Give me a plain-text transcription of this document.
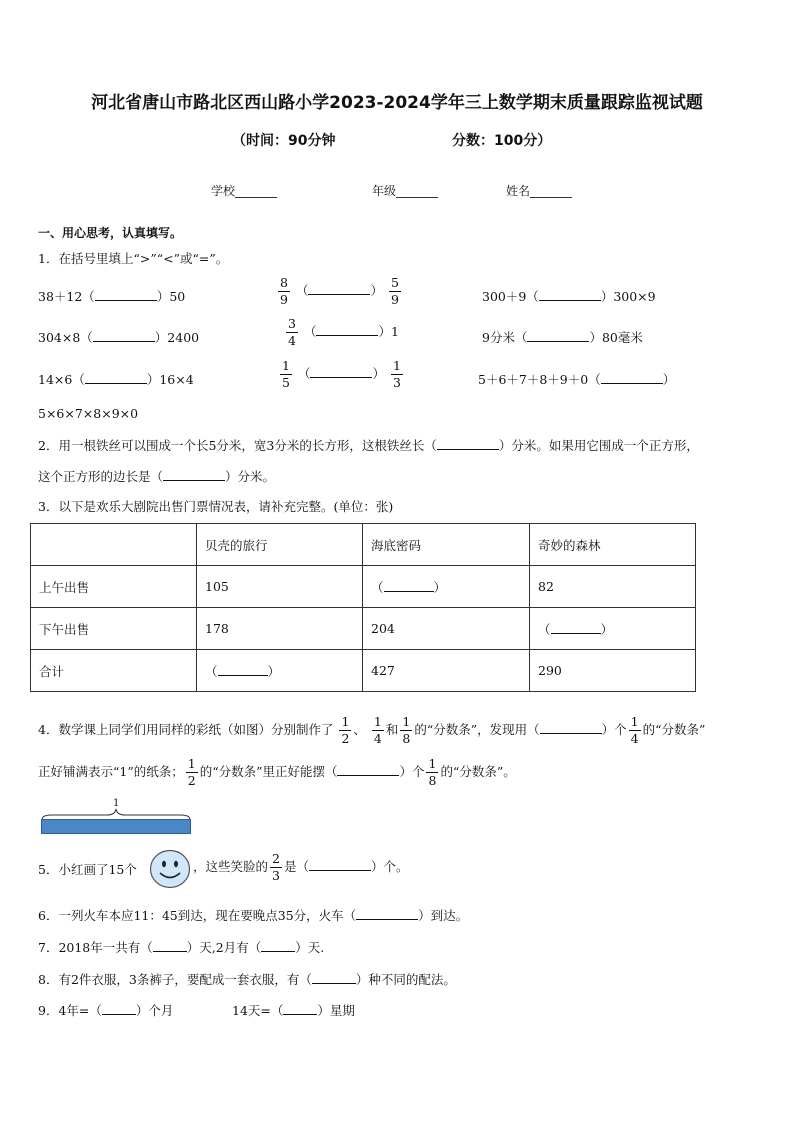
河北省唐山市路北区西山路小学2023-2024学年三上数学期末质量跟踪监视试题
（时间：90分钟	分数：100分）
学校_______	年级_______	姓名_______
一、用心思考，认真填写。
1．在括号里填上“>”“<”或“=”。
38＋12（	）50	$\frac{8}{9}$ （	） $\frac{5}{9}$	300＋9（	）300×9
304×8（	）2400	$\frac{3}{4}$ （	）1	9分米（	）80毫米
14×6（	）16×4	$\frac{1}{5}$ （	） $\frac{1}{3}$	5＋6＋7＋8＋9＋0（	）
5×6×7×8×9×0
2．用一根铁丝可以围成一个长5分米，宽3分米的长方形，这根铁丝长（	）分米。如果用它围成一个正方形，
这个正方形的边长是（	）分米。
3．以下是欢乐大剧院出售门票情况表，请补充完整。(单位：张)
	贝壳的旅行	海底密码	奇妙的森林
上午出售	105	（ ）	82
下午出售	178	204	（ ）
合计	（ ）	427	290
4．数学课上同学们用同样的彩纸（如图）分别制作了 $\frac{1}{2}$ 、 $\frac{1}{4}$ 和 $\frac{1}{8}$ 的“分数条”，发现用（	）个 $\frac{1}{4}$ 的“分数条”
正好铺满表示“1”的纸条； $\frac{1}{2}$ 的“分数条”里正好能摆（	）个 $\frac{1}{8}$ 的“分数条”。
1
5．小红画了15个	，这些笑脸的 $\frac{2}{3}$ 是（	）个。
6．一列火车本应11：45到达，现在要晚点35分，火车（	）到达。
7．2018年一共有（	）天,2月有（	）天.
8．有2件衣服，3条裤子，要配成一套衣服，有（	）种不同的配法。
9．4年=（	）个月	14天=（	）星期
